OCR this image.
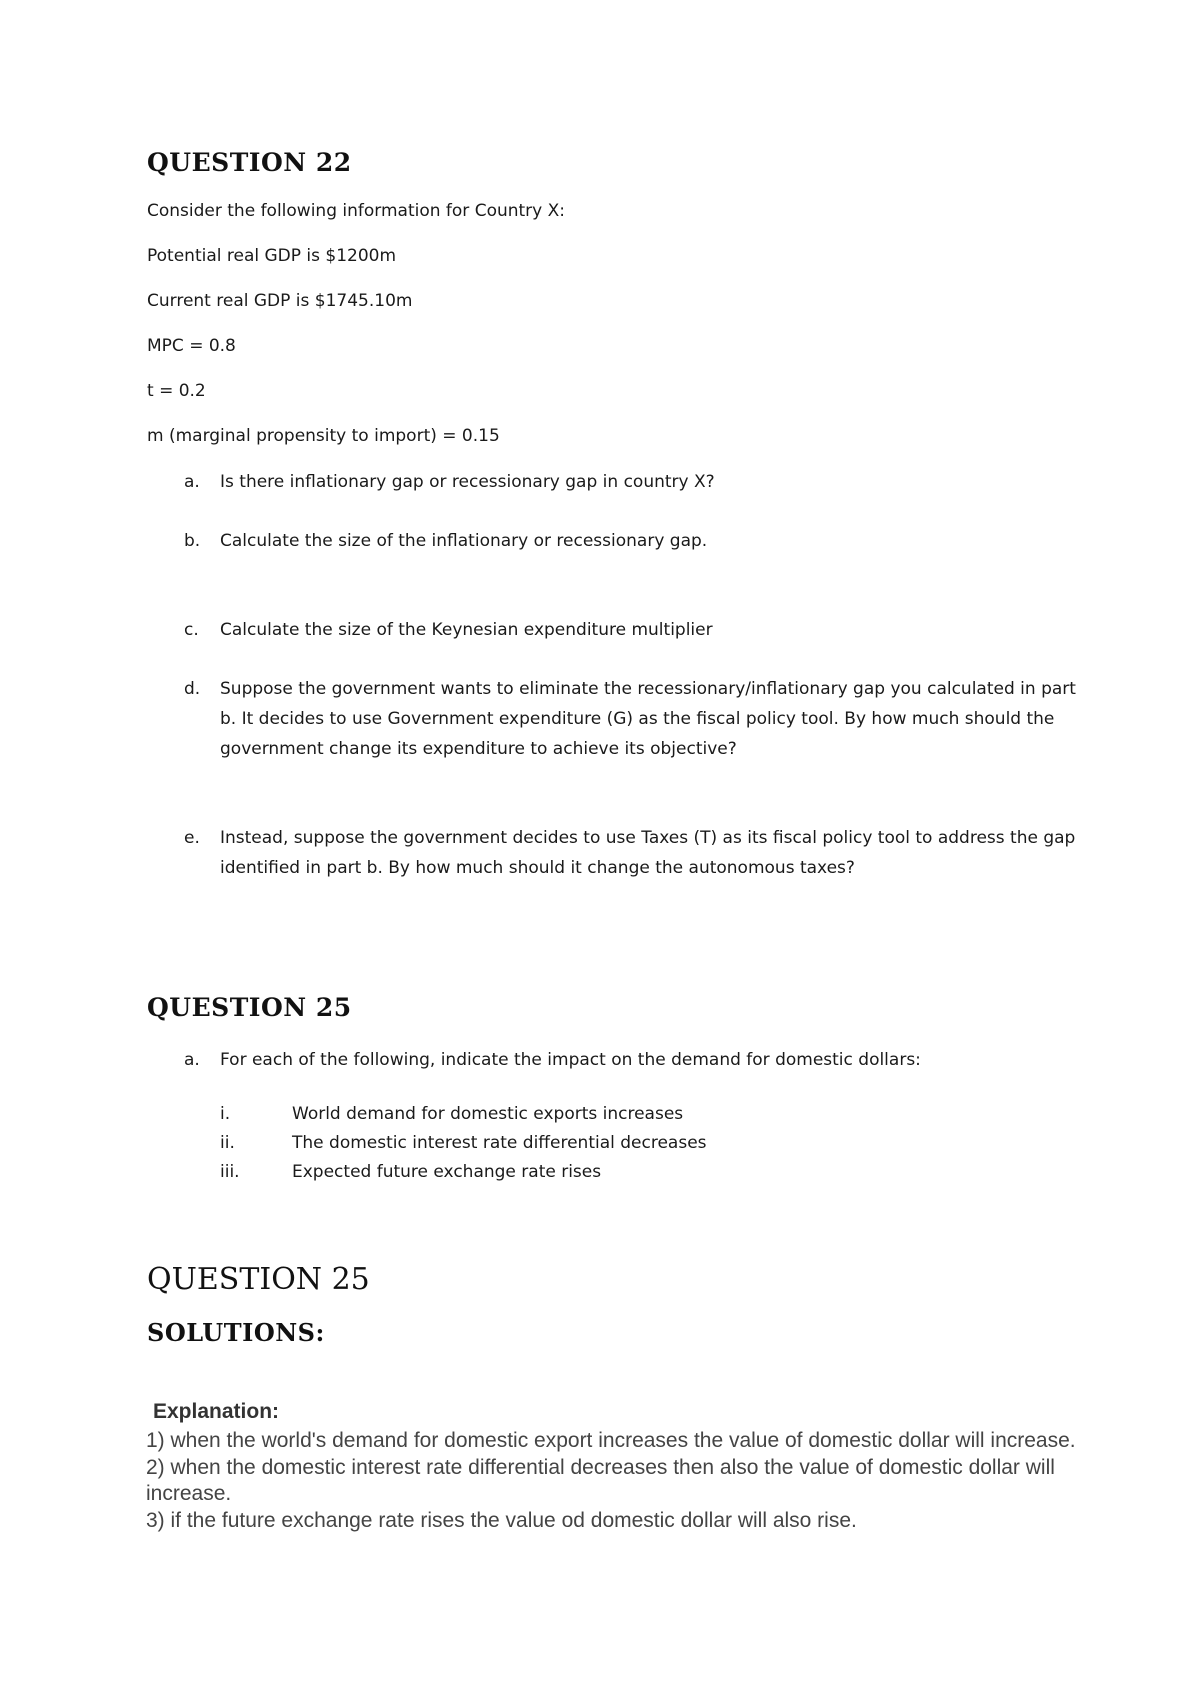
QUESTION 22

Consider the following information for Country X:

Potential real GDP is $1200m

Current real GDP is $1745.10m

MPC = 0.8

t = 0.2

m (marginal propensity to import) = 0.15

a. Is there inflationary gap or recessionary gap in country X?
b. Calculate the size of the inflationary or recessionary gap.
c. Calculate the size of the Keynesian expenditure multiplier
d. Suppose the government wants to eliminate the recessionary/inflationary gap you calculated in part b. It decides to use Government expenditure (G) as the fiscal policy tool. By how much should the government change its expenditure to achieve its objective?
e. Instead, suppose the government decides to use Taxes (T) as its fiscal policy tool to address the gap identified in part b. By how much should it change the autonomous taxes?
QUESTION 25
a. For each of the following, indicate the impact on the demand for domestic dollars:
i.	World demand for domestic exports increases
ii.	The domestic interest rate differential decreases
iii.	Expected future exchange rate rises
QUESTION 25
SOLUTIONS:

Explanation:

1) when the world's demand for domestic export increases the value of domestic dollar will increase.

2) when the domestic interest rate differential decreases then also the value of domestic dollar will increase.

3) if the future exchange rate rises the value od domestic dollar will also rise.
